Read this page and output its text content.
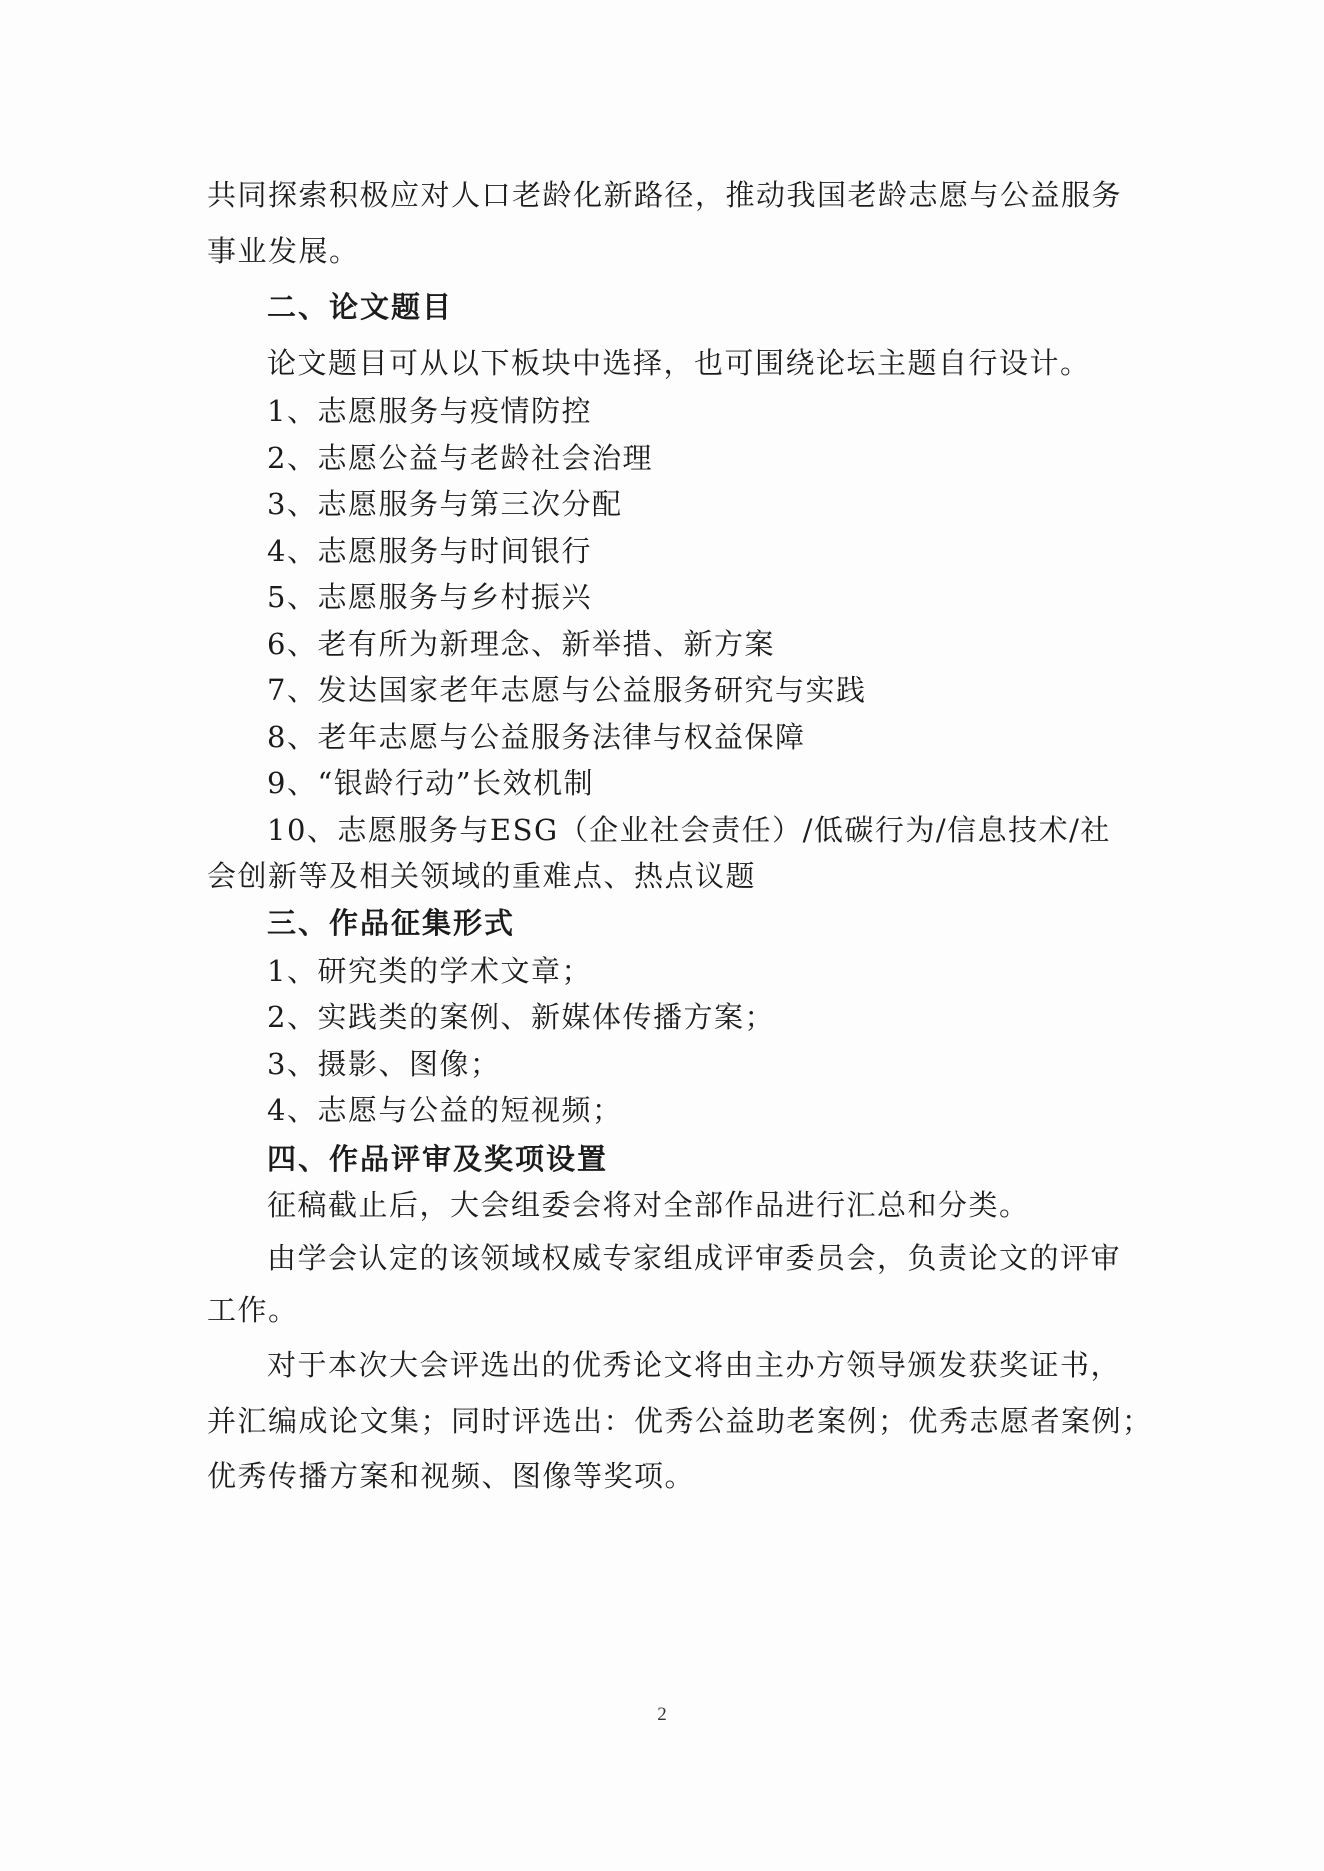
共同探索积极应对人口老龄化新路径，推动我国老龄志愿与公益服务
事业发展。
二、论文题目
论文题目可从以下板块中选择，也可围绕论坛主题自行设计。
1、志愿服务与疫情防控
2、志愿公益与老龄社会治理
3、志愿服务与第三次分配
4、志愿服务与时间银行
5、志愿服务与乡村振兴
6、老有所为新理念、新举措、新方案
7、发达国家老年志愿与公益服务研究与实践
8、老年志愿与公益服务法律与权益保障
9、“银龄行动”长效机制
10、志愿服务与ESG（企业社会责任）/低碳行为/信息技术/社
会创新等及相关领域的重难点、热点议题
三、作品征集形式
1、研究类的学术文章；
2、实践类的案例、新媒体传播方案；
3、摄影、图像；
4、志愿与公益的短视频；
四、作品评审及奖项设置
征稿截止后，大会组委会将对全部作品进行汇总和分类。
由学会认定的该领域权威专家组成评审委员会，负责论文的评审
工作。
对于本次大会评选出的优秀论文将由主办方领导颁发获奖证书，
并汇编成论文集；同时评选出：优秀公益助老案例；优秀志愿者案例；
优秀传播方案和视频、图像等奖项。
2
